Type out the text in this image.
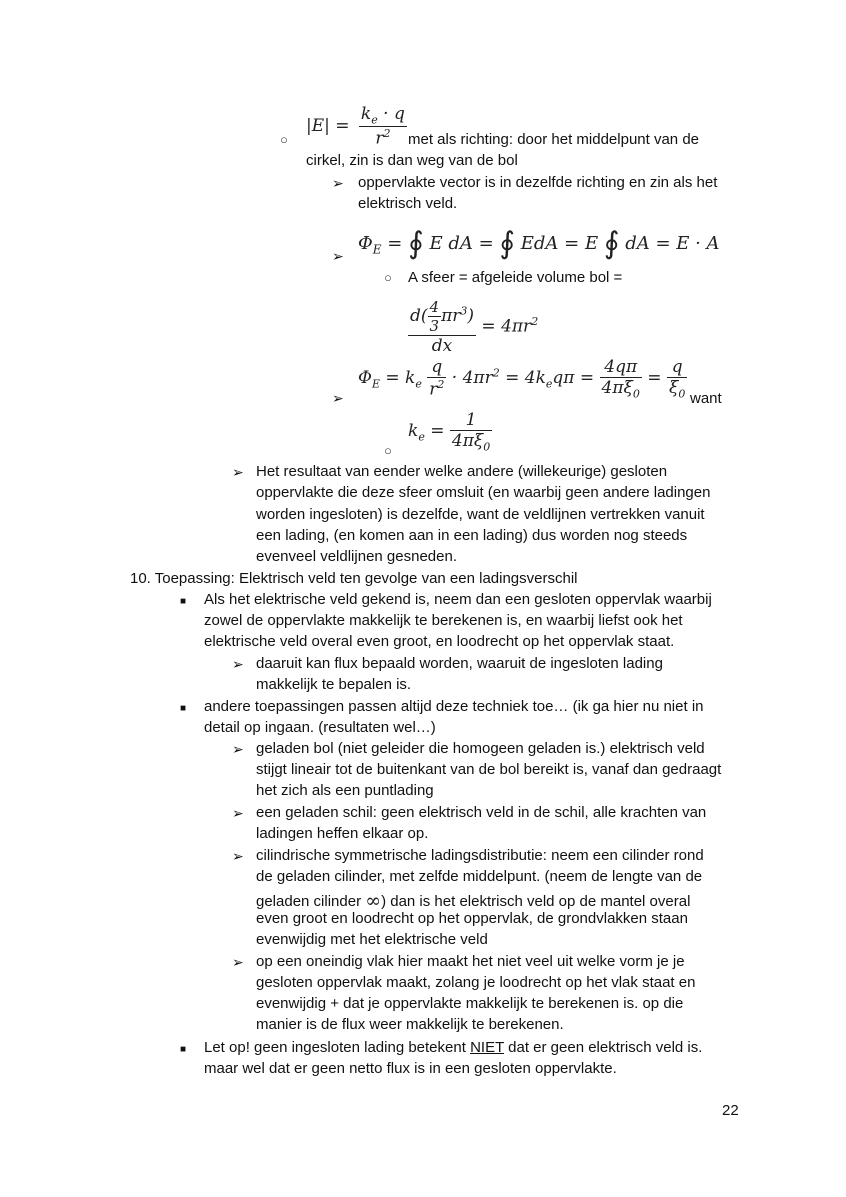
○
$|E| = \frac{k_e \cdot q}{r^2}$ met als richting: door het middelpunt van de
cirkel, zin is dan weg van de bol
➢ oppervlakte vector is in dezelfde richting en zin als het
elektrisch veld.
➢
$\Phi_E$ = ∮ E dA = ∮ EdA = E ∮ dA = E · A
○ A sfeer = afgeleide volume bol =
$\frac{d( \frac{4}{3} \pi r^3)}{dx} = 4\pi r^2$
➢
$\Phi_E = k_e \frac{q}{r^2} \cdot 4\pi r^2 = 4k_eq\pi = \frac{4q\pi}{4\pi\xi_0} = \frac{q}{\xi_0}$ want
○
$k_e = \frac{1}{4\pi\xi_0}$
➢ Het resultaat van eender welke andere (willekeurige) gesloten
oppervlakte die deze sfeer omsluit (en waarbij geen andere ladingen
worden ingesloten) is dezelfde, want de veldlijnen vertrekken vanuit
een lading, (en komen aan in een lading) dus worden nog steeds
evenveel veldlijnen gesneden.
10. Toepassing: Elektrisch veld ten gevolge van een ladingsverschil
■ Als het elektrische veld gekend is, neem dan een gesloten oppervlak waarbij
zowel de oppervlakte makkelijk te berekenen is, en waarbij liefst ook het
elektrische veld overal even groot, en loodrecht op het oppervlak staat.
➢ daaruit kan flux bepaald worden, waaruit de ingesloten lading
makkelijk te bepalen is.
■ andere toepassingen passen altijd deze techniek toe… (ik ga hier nu niet in
detail op ingaan. (resultaten wel…)
➢ geladen bol (niet geleider die homogeen geladen is.) elektrisch veld
stijgt lineair tot de buitenkant van de bol bereikt is, vanaf dan gedraagt
het zich als een puntlading
➢ een geladen schil: geen elektrisch veld in de schil, alle krachten van
ladingen heffen elkaar op.
➢ cilindrische symmetrische ladingsdistributie: neem een cilinder rond
de geladen cilinder, met zelfde middelpunt. (neem de lengte van de
geladen cilinder ∞) dan is het elektrisch veld op de mantel overal
even groot en loodrecht op het oppervlak, de grondvlakken staan
evenwijdig met het elektrische veld
➢ op een oneindig vlak hier maakt het niet veel uit welke vorm je je
gesloten oppervlak maakt, zolang je loodrecht op het vlak staat en
evenwijdig + dat je oppervlakte makkelijk te berekenen is. op die
manier is de flux weer makkelijk te berekenen.
■ Let op! geen ingesloten lading betekent NIET dat er geen elektrisch veld is.
maar wel dat er geen netto flux is in een gesloten oppervlakte.
22
